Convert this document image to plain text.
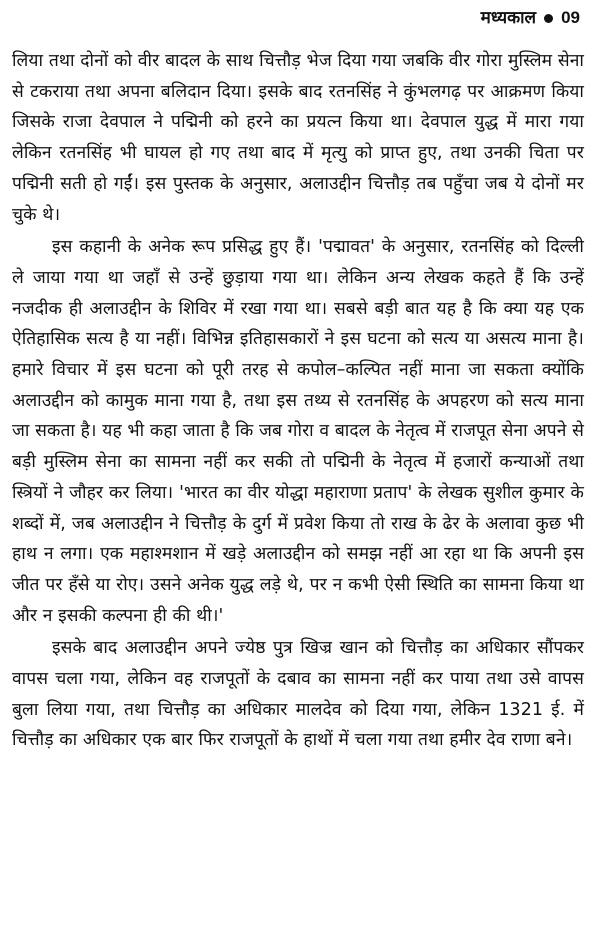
मध्यकाल 09

लिया तथा दोनों को वीर बादल के साथ चित्तौड़ भेज दिया गया जबकि वीर गोरा मुस्लिम सेना से टकराया तथा अपना बलिदान दिया। इसके बाद रतनसिंह ने कुंभलगढ़ पर आक्रमण किया जिसके राजा देवपाल ने पद्मिनी को हरने का प्रयत्न किया था। देवपाल युद्ध में मारा गया लेकिन रतनसिंह भी घायल हो गए तथा बाद में मृत्यु को प्राप्त हुए, तथा उनकी चिता पर पद्मिनी सती हो गईं। इस पुस्तक के अनुसार, अलाउद्दीन चित्तौड़ तब पहुँचा जब ये दोनों मर चुके थे।

इस कहानी के अनेक रूप प्रसिद्ध हुए हैं। 'पद्मावत' के अनुसार, रतनसिंह को दिल्ली ले जाया गया था जहाँ से उन्हें छुड़ाया गया था। लेकिन अन्य लेखक कहते हैं कि उन्हें नजदीक ही अलाउद्दीन के शिविर में रखा गया था। सबसे बड़ी बात यह है कि क्या यह एक ऐतिहासिक सत्य है या नहीं। विभिन्न इतिहासकारों ने इस घटना को सत्य या असत्य माना है। हमारे विचार में इस घटना को पूरी तरह से कपोल–कल्पित नहीं माना जा सकता क्योंकि अलाउद्दीन को कामुक माना गया है, तथा इस तथ्य से रतनसिंह के अपहरण को सत्य माना जा सकता है। यह भी कहा जाता है कि जब गोरा व बादल के नेतृत्व में राजपूत सेना अपने से बड़ी मुस्लिम सेना का सामना नहीं कर सकी तो पद्मिनी के नेतृत्व में हजारों कन्याओं तथा स्त्रियों ने जौहर कर लिया। 'भारत का वीर योद्धा महाराणा प्रताप' के लेखक सुशील कुमार के शब्दों में, जब अलाउद्दीन ने चित्तौड़ के दुर्ग में प्रवेश किया तो राख के ढेर के अलावा कुछ भी हाथ न लगा। एक महाश्मशान में खड़े अलाउद्दीन को समझ नहीं आ रहा था कि अपनी इस जीत पर हँसे या रोए। उसने अनेक युद्ध लड़े थे, पर न कभी ऐसी स्थिति का सामना किया था और न इसकी कल्पना ही की थी।'

इसके बाद अलाउद्दीन अपने ज्येष्ठ पुत्र खिज्र खान को चित्तौड़ का अधिकार सौंपकर वापस चला गया, लेकिन वह राजपूतों के दबाव का सामना नहीं कर पाया तथा उसे वापस बुला लिया गया, तथा चित्तौड़ का अधिकार मालदेव को दिया गया, लेकिन 1321 ई. में चित्तौड़ का अधिकार एक बार फिर राजपूतों के हाथों में चला गया तथा हमीर देव राणा बने।
